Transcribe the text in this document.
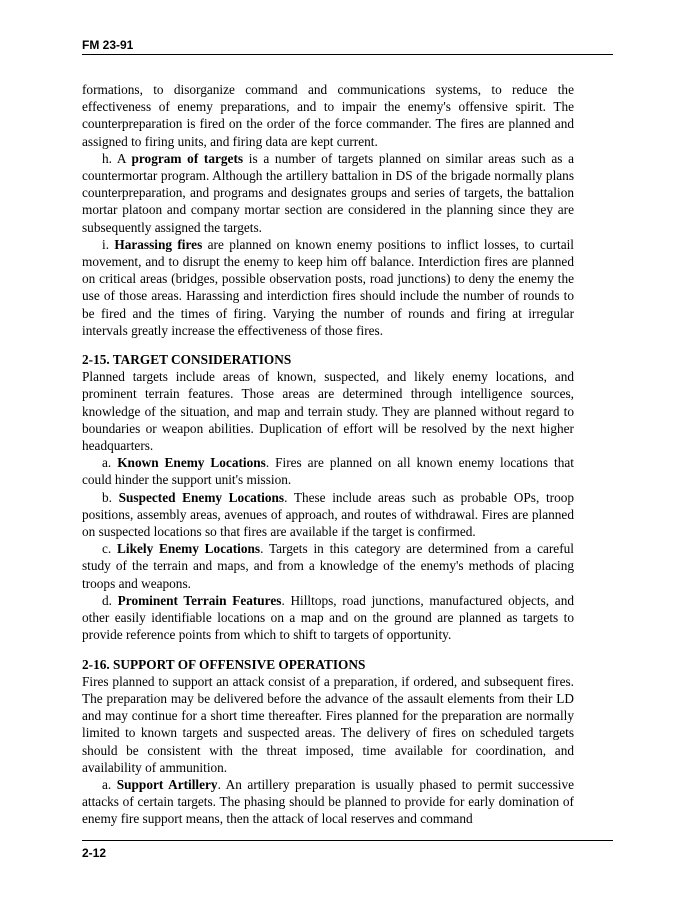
FM 23-91

formations, to disorganize command and communications systems, to reduce the effectiveness of enemy preparations, and to impair the enemy's offensive spirit. The counterpreparation is fired on the order of the force commander. The fires are planned and assigned to firing units, and firing data are kept current.

h. A program of targets is a number of targets planned on similar areas such as a countermortar program. Although the artillery battalion in DS of the brigade normally plans counterpreparation, and programs and designates groups and series of targets, the battalion mortar platoon and company mortar section are considered in the planning since they are subsequently assigned the targets.

i. Harassing fires are planned on known enemy positions to inflict losses, to curtail movement, and to disrupt the enemy to keep him off balance. Interdiction fires are planned on critical areas (bridges, possible observation posts, road junctions) to deny the enemy the use of those areas. Harassing and interdiction fires should include the number of rounds to be fired and the times of firing. Varying the number of rounds and firing at irregular intervals greatly increase the effectiveness of those fires.

2-15. TARGET CONSIDERATIONS

Planned targets include areas of known, suspected, and likely enemy locations, and prominent terrain features. Those areas are determined through intelligence sources, knowledge of the situation, and map and terrain study. They are planned without regard to boundaries or weapon abilities. Duplication of effort will be resolved by the next higher headquarters.

a. Known Enemy Locations. Fires are planned on all known enemy locations that could hinder the support unit's mission.

b. Suspected Enemy Locations. These include areas such as probable OPs, troop positions, assembly areas, avenues of approach, and routes of withdrawal. Fires are planned on suspected locations so that fires are available if the target is confirmed.

c. Likely Enemy Locations. Targets in this category are determined from a careful study of the terrain and maps, and from a knowledge of the enemy's methods of placing troops and weapons.

d. Prominent Terrain Features. Hilltops, road junctions, manufactured objects, and other easily identifiable locations on a map and on the ground are planned as targets to provide reference points from which to shift to targets of opportunity.

2-16. SUPPORT OF OFFENSIVE OPERATIONS

Fires planned to support an attack consist of a preparation, if ordered, and subsequent fires. The preparation may be delivered before the advance of the assault elements from their LD and may continue for a short time thereafter. Fires planned for the preparation are normally limited to known targets and suspected areas. The delivery of fires on scheduled targets should be consistent with the threat imposed, time available for coordination, and availability of ammunition.

a. Support Artillery. An artillery preparation is usually phased to permit successive attacks of certain targets. The phasing should be planned to provide for early domination of enemy fire support means, then the attack of local reserves and command

2-12
